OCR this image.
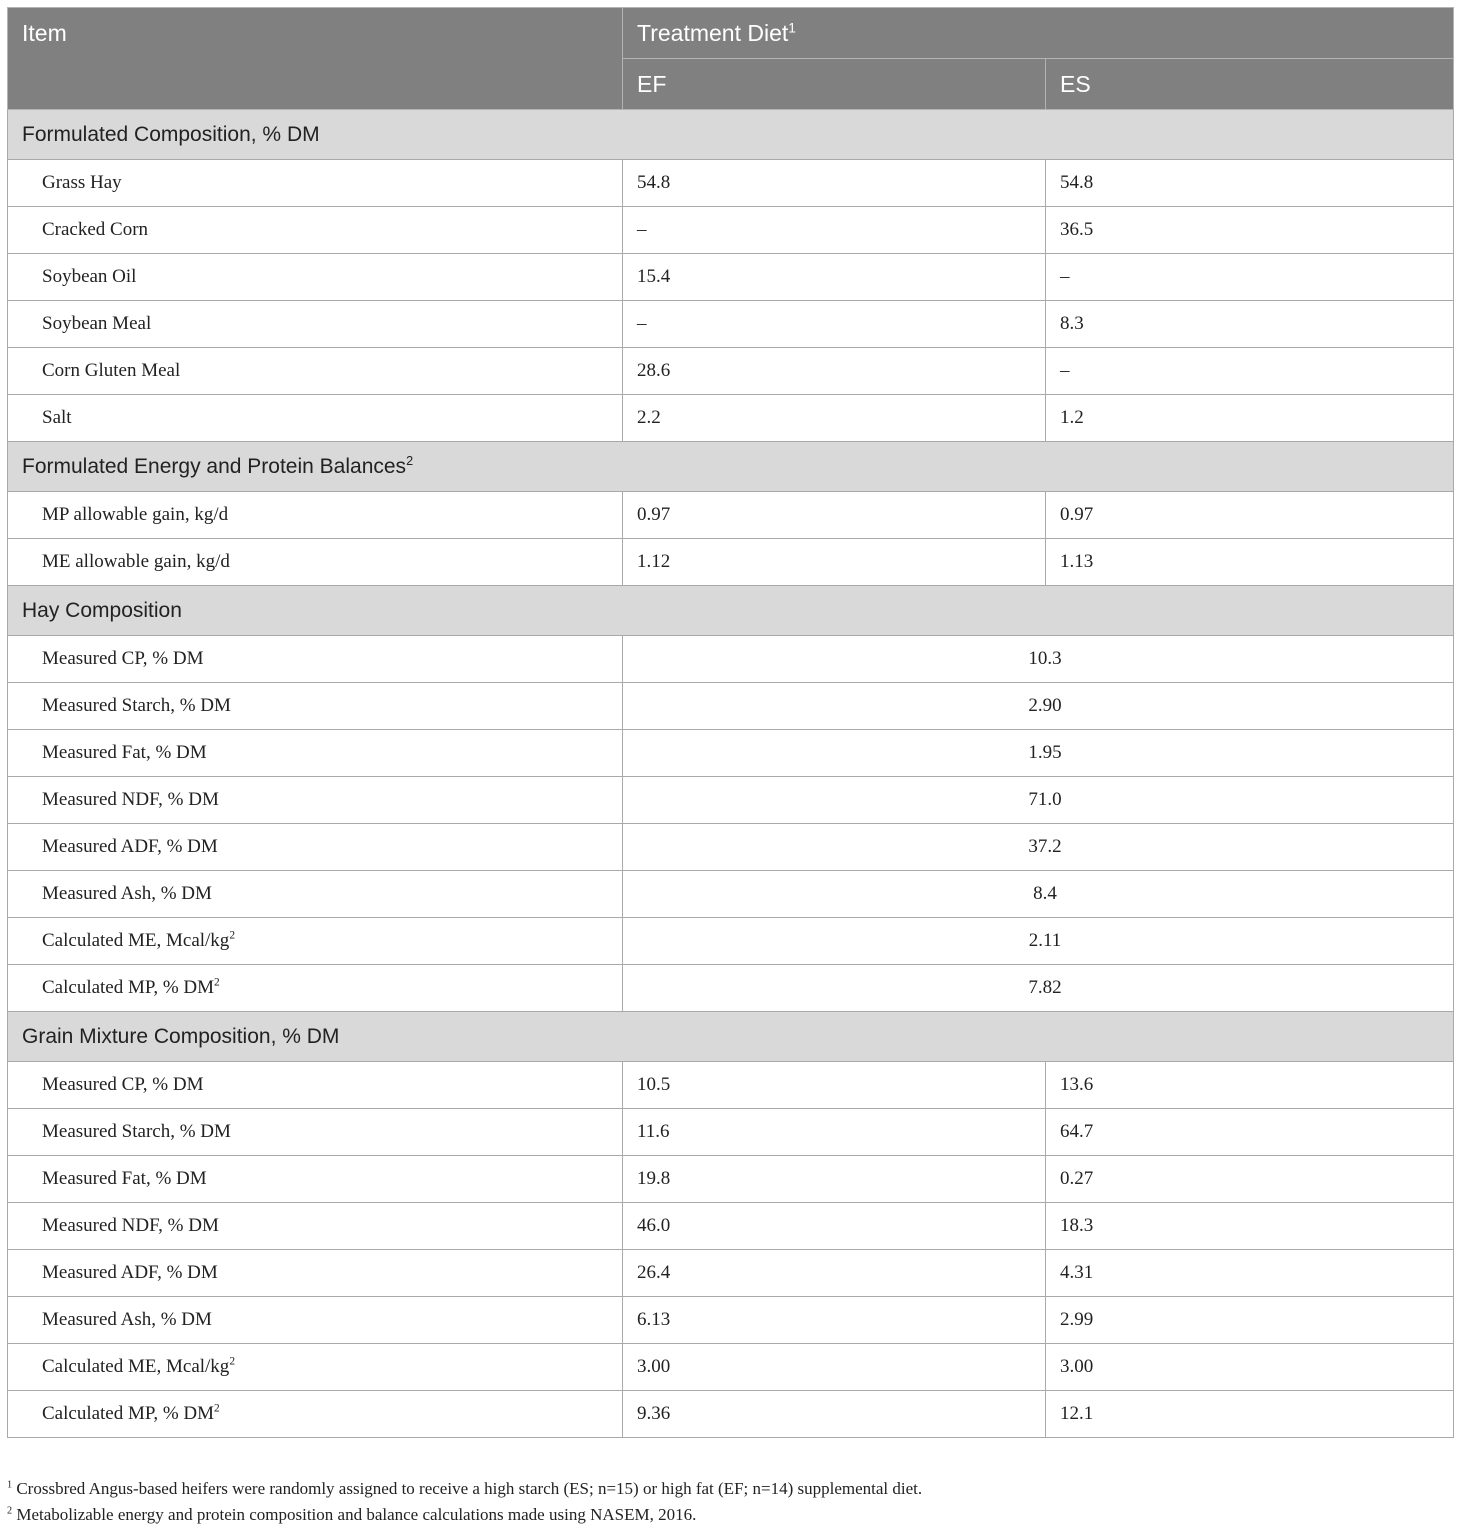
Item	Treatment Diet$^1$
	EF	ES
Formulated Composition, % DM		
Grass Hay	54.8	54.8
Cracked Corn	–	36.5
Soybean Oil	15.4	–
Soybean Meal	–	8.3
Corn Gluten Meal	28.6	–
Salt	2.2	1.2
Formulated Energy and Protein Balances$^2$
MP allowable gain, kg/d	0.97	0.97
ME allowable gain, kg/d	1.12	1.13
Hay Composition		
Measured CP, % DM	10.3	
Measured Starch, % DM	2.90	
Measured Fat, % DM	1.95	
Measured NDF, % DM	71.0	
Measured ADF, % DM	37.2	
Measured Ash, % DM	8.4	
Calculated ME, Mcal/$kg^2$	2.11	
Calculated MP, % $DM^2$	7.82	
Grain Mixture Composition, % DM		
Measured CP, % DM	10.5	13.6
Measured Starch, % DM	11.6	64.7
Measured Fat, % DM	19.8	0.27
Measured NDF, % DM	46.0	18.3
Measured ADF, % DM	26.4	4.31
Measured Ash, % DM	6.13	2.99
Calculated ME, Mcal/$kg^2$	3.00	3.00
Calculated MP, % $DM^2$	9.36	12.1
$^1$ Crossbred Angus-based heifers were randomly assigned to receive a high starch (ES; n=15) or high fat (EF; n=14) supplemental diet.
$^2$ Metabolizable energy and protein composition and balance calculations made using NASEM, 2016.
